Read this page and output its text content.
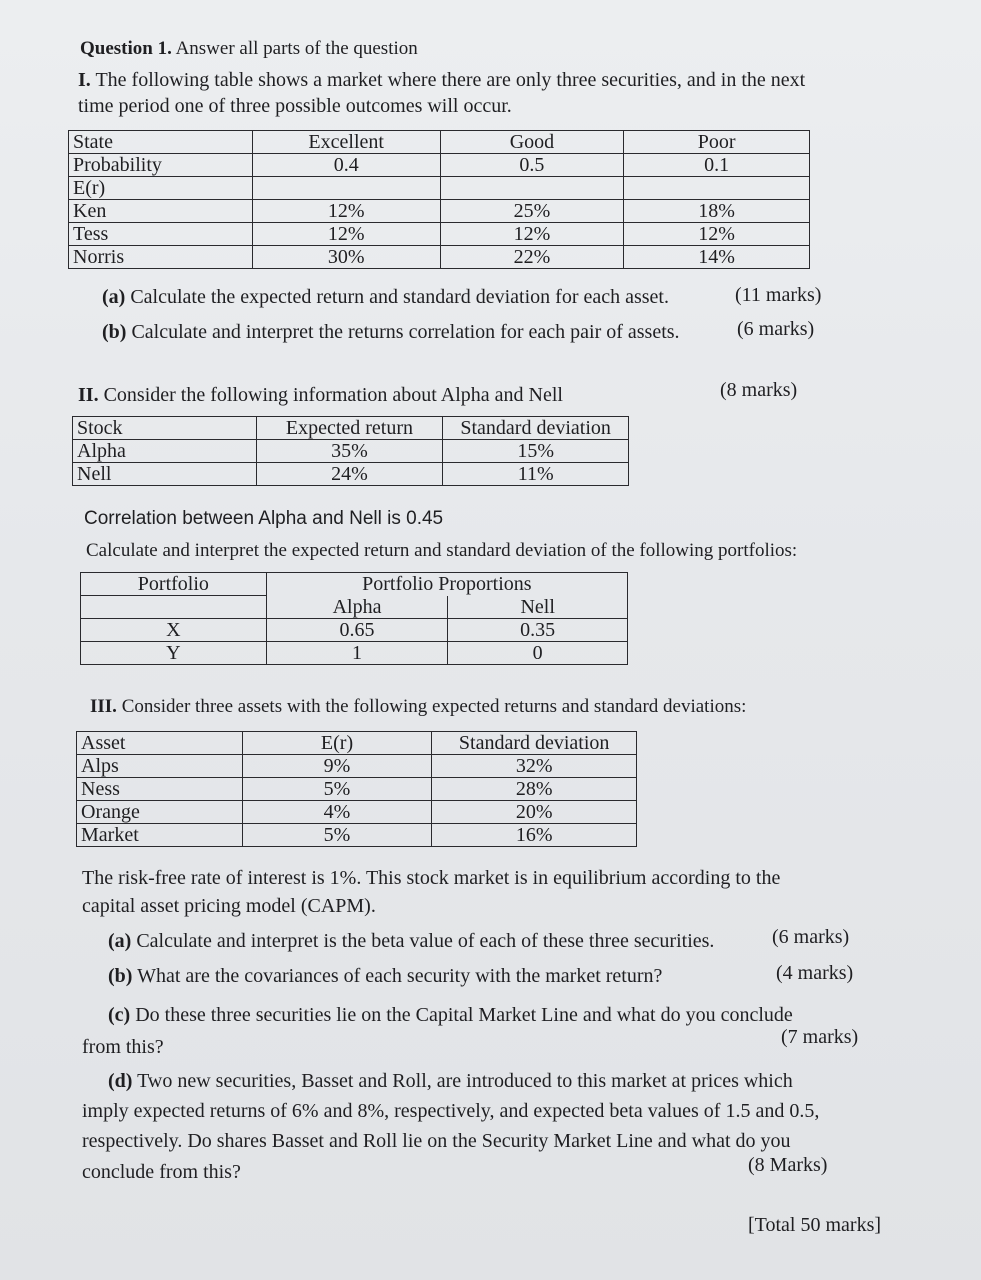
Question 1. Answer all parts of the question
I. The following table shows a market where there are only three securities, and in the next
time period one of three possible outcomes will occur.
State	Excellent	Good	Poor
Probability	0.4	0.5	0.1
E(r)			
Ken	12%	25%	18%
Tess	12%	12%	12%
Norris	30%	22%	14%
(a) Calculate the expected return and standard deviation for each asset.	(11 marks)
(b) Calculate and interpret the returns correlation for each pair of assets.	(6 marks)
II. Consider the following information about Alpha and Nell	(8 marks)
Stock	Expected return	Standard deviation
Alpha	35%	15%
Nell	24%	11%
Correlation between Alpha and Nell is 0.45
Calculate and interpret the expected return and standard deviation of the following portfolios:
Portfolio	Portfolio Proportions	
	Alpha	Nell
X	0.65	0.35
Y	1	0
III. Consider three assets with the following expected returns and standard deviations:
Asset	E(r)	Standard deviation
Alps	9%	32%
Ness	5%	28%
Orange	4%	20%
Market	5%	16%
The risk-free rate of interest is 1%. This stock market is in equilibrium according to the
capital asset pricing model (CAPM).
(a) Calculate and interpret is the beta value of each of these three securities.	(6 marks)
(b) What are the covariances of each security with the market return?	(4 marks)
(c) Do these three securities lie on the Capital Market Line and what do you conclude
from this?	(7 marks)
(d) Two new securities, Basset and Roll, are introduced to this market at prices which
imply expected returns of 6% and 8%, respectively, and expected beta values of 1.5 and 0.5,
respectively. Do shares Basset and Roll lie on the Security Market Line and what do you
conclude from this?	(8 Marks)
[Total 50 marks]
